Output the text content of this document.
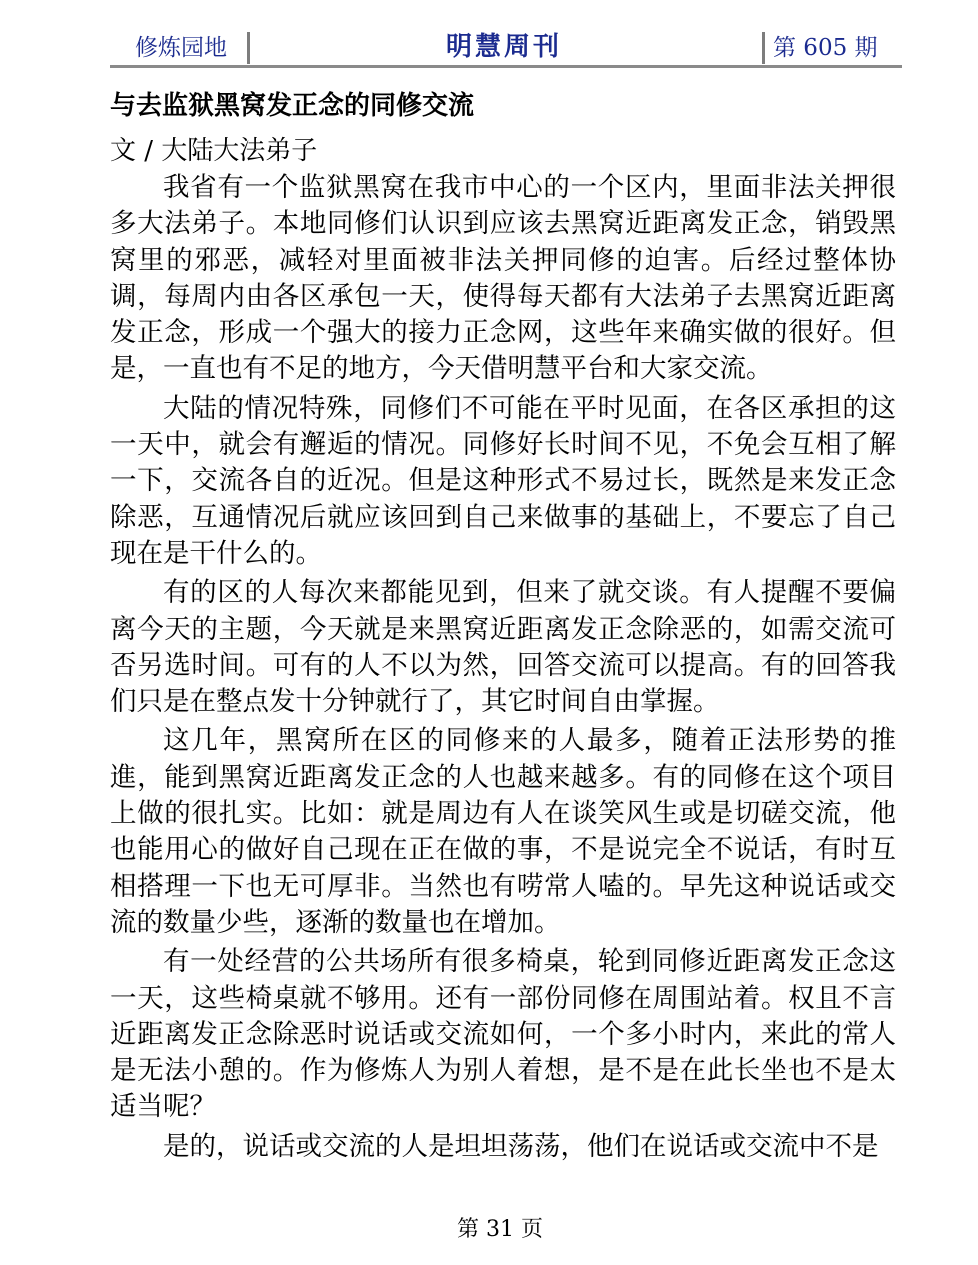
修炼园地	明慧周刊	第 605 期
与去监狱黑窝发正念的同修交流

文 / 大陆大法弟子

我省有一个监狱黑窝在我市中心的一个区内，里面非法关押很多大法弟子。本地同修们认识到应该去黑窝近距离发正念，销毁黑窝里的邪恶，减轻对里面被非法关押同修的迫害。后经过整体协调，每周内由各区承包一天，使得每天都有大法弟子去黑窝近距离发正念，形成一个强大的接力正念网，这些年来确实做的很好。但是，一直也有不足的地方，今天借明慧平台和大家交流。

大陆的情况特殊，同修们不可能在平时见面，在各区承担的这一天中，就会有邂逅的情况。同修好长时间不见，不免会互相了解一下，交流各自的近况。但是这种形式不易过长，既然是来发正念除恶，互通情况后就应该回到自己来做事的基础上，不要忘了自己现在是干什么的。

有的区的人每次来都能见到，但来了就交谈。有人提醒不要偏离今天的主题，今天就是来黑窝近距离发正念除恶的，如需交流可否另选时间。可有的人不以为然，回答交流可以提高。有的回答我们只是在整点发十分钟就行了，其它时间自由掌握。

这几年，黑窝所在区的同修来的人最多，随着正法形势的推進，能到黑窝近距离发正念的人也越来越多。有的同修在这个项目上做的很扎实。比如：就是周边有人在谈笑风生或是切磋交流，他也能用心的做好自己现在正在做的事，不是说完全不说话，有时互相搭理一下也无可厚非。当然也有唠常人嗑的。早先这种说话或交流的数量少些，逐渐的数量也在增加。

有一处经营的公共场所有很多椅桌，轮到同修近距离发正念这一天，这些椅桌就不够用。还有一部份同修在周围站着。权且不言近距离发正念除恶时说话或交流如何，一个多小时内，来此的常人是无法小憩的。作为修炼人为别人着想，是不是在此长坐也不是太适当呢？

是的，说话或交流的人是坦坦荡荡，他们在说话或交流中不是

第 31 页
